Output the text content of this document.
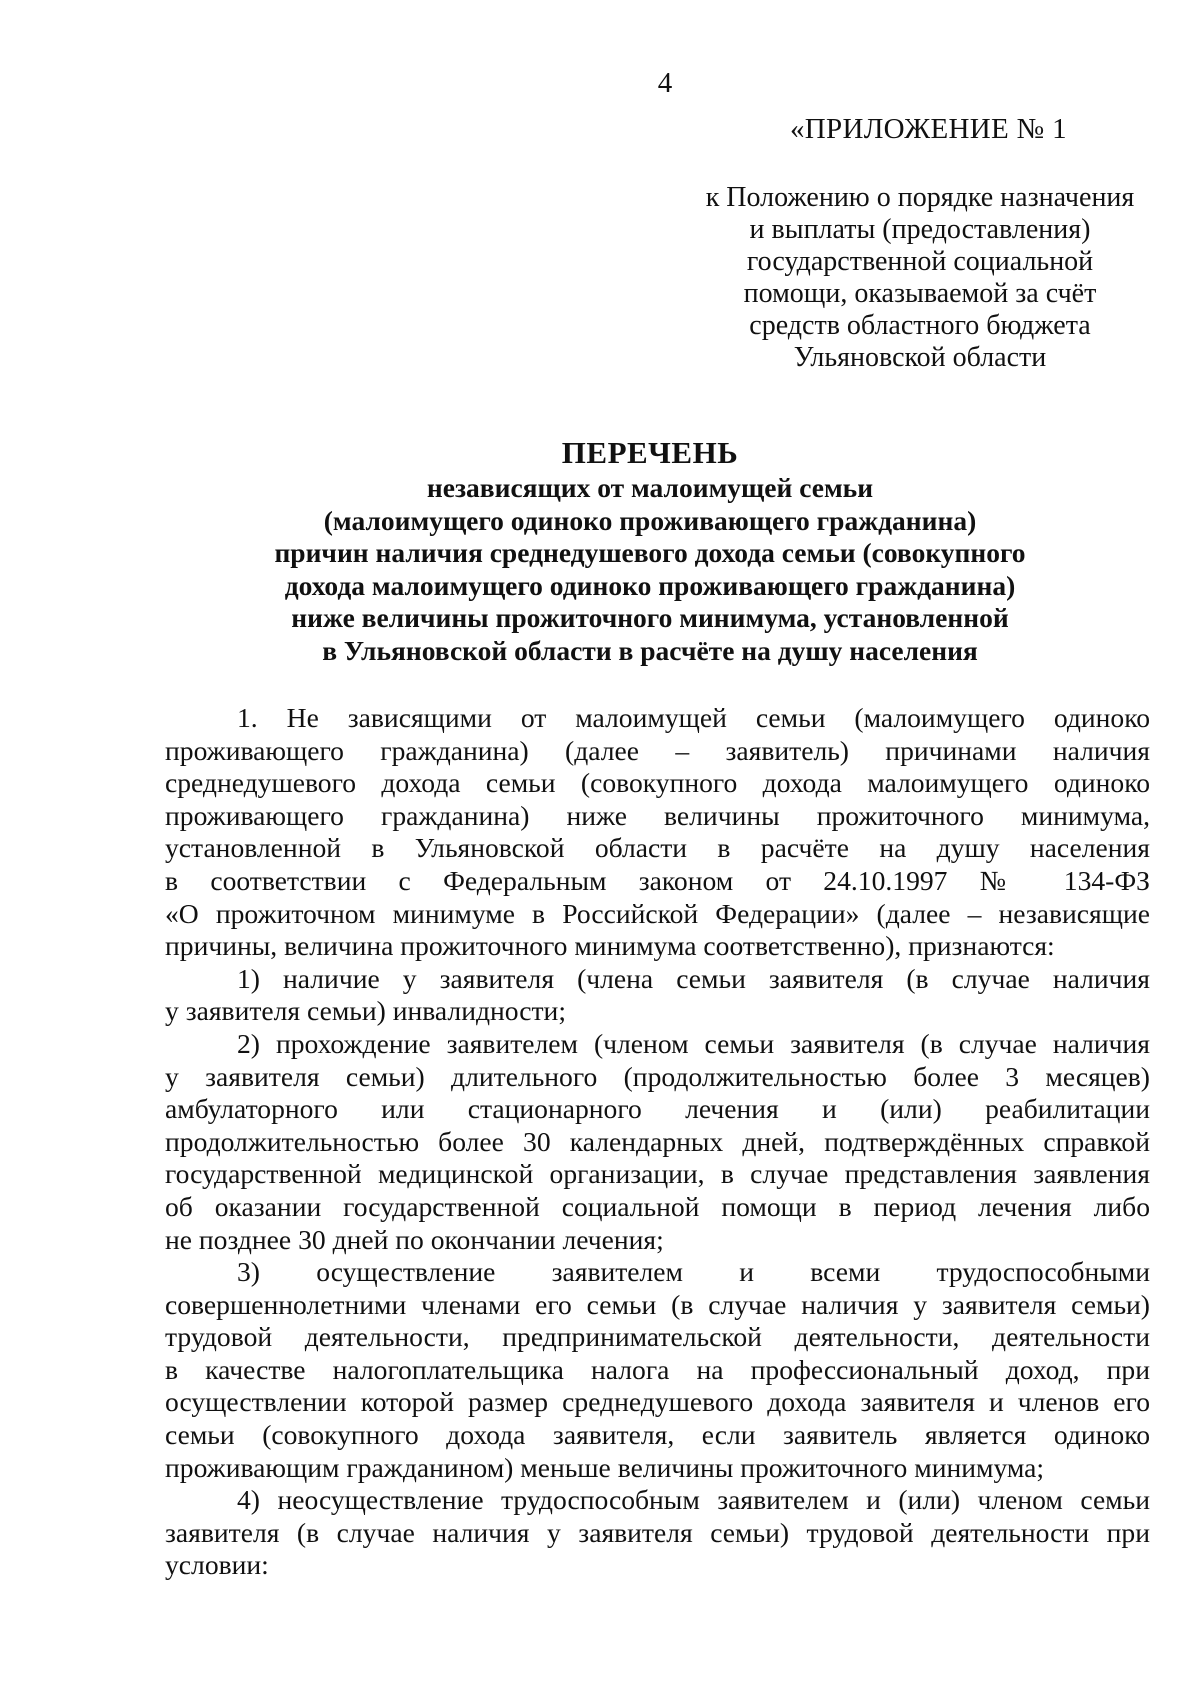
4
«ПРИЛОЖЕНИЕ № 1
к Положению о порядке назначения
и выплаты (предоставления)
государственной социальной
помощи, оказываемой за счёт
средств областного бюджета
Ульяновской области
ПЕРЕЧЕНЬ
независящих от малоимущей семьи
(малоимущего одиноко проживающего гражданина)
причин наличия среднедушевого дохода семьи (совокупного
дохода малоимущего одиноко проживающего гражданина)
ниже величины прожиточного минимума, установленной
в Ульяновской области в расчёте на душу населения
1. Не зависящими от малоимущей семьи (малоимущего одиноко
проживающего гражданина) (далее – заявитель) причинами наличия
среднедушевого дохода семьи (совокупного дохода малоимущего одиноко
проживающего гражданина) ниже величины прожиточного минимума,
установленной в Ульяновской области в расчёте на душу населения
в соответствии с Федеральным законом от 24.10.1997 № 134-ФЗ
«О прожиточном минимуме в Российской Федерации» (далее – независящие
причины, величина прожиточного минимума соответственно), признаются:
1) наличие у заявителя (члена семьи заявителя (в случае наличия
у заявителя семьи) инвалидности;
2) прохождение заявителем (членом семьи заявителя (в случае наличия
у заявителя семьи) длительного (продолжительностью более 3 месяцев)
амбулаторного или стационарного лечения и (или) реабилитации
продолжительностью более 30 календарных дней, подтверждённых справкой
государственной медицинской организации, в случае представления заявления
об оказании государственной социальной помощи в период лечения либо
не позднее 30 дней по окончании лечения;
3) осуществление заявителем и всеми трудоспособными
совершеннолетними членами его семьи (в случае наличия у заявителя семьи)
трудовой деятельности, предпринимательской деятельности, деятельности
в качестве налогоплательщика налога на профессиональный доход, при
осуществлении которой размер среднедушевого дохода заявителя и членов его
семьи (совокупного дохода заявителя, если заявитель является одиноко
проживающим гражданином) меньше величины прожиточного минимума;
4) неосуществление трудоспособным заявителем и (или) членом семьи
заявителя (в случае наличия у заявителя семьи) трудовой деятельности при
условии:
